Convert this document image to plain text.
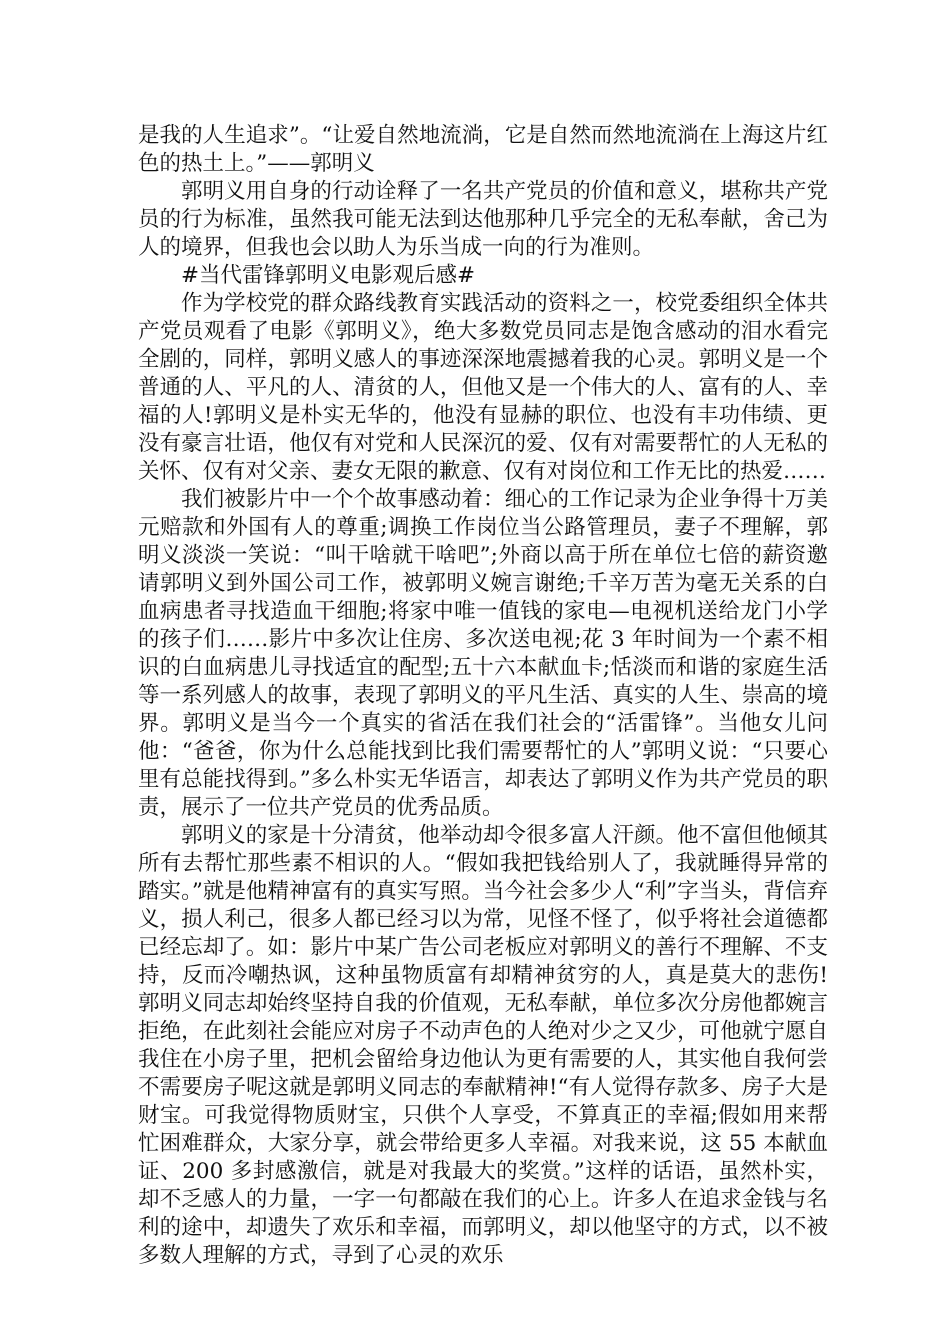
是我的人生追求”。“让爱自然地流淌，它是自然而然地流淌在上海这片红色的热土上。”——郭明义

郭明义用自身的行动诠释了一名共产党员的价值和意义，堪称共产党员的行为标准，虽然我可能无法到达他那种几乎完全的无私奉献，舍己为人的境界，但我也会以助人为乐当成一向的行为准则。

#当代雷锋郭明义电影观后感#

作为学校党的群众路线教育实践活动的资料之一，校党委组织全体共产党员观看了电影《郭明义》，绝大多数党员同志是饱含感动的泪水看完全剧的，同样，郭明义感人的事迹深深地震撼着我的心灵。郭明义是一个普通的人、平凡的人、清贫的人，但他又是一个伟大的人、富有的人、幸福的人!郭明义是朴实无华的，他没有显赫的职位、也没有丰功伟绩、更没有豪言壮语，他仅有对党和人民深沉的爱、仅有对需要帮忙的人无私的关怀、仅有对父亲、妻女无限的歉意、仅有对岗位和工作无比的热爱……

我们被影片中一个个故事感动着：细心的工作记录为企业争得十万美元赔款和外国有人的尊重;调换工作岗位当公路管理员，妻子不理解，郭明义淡淡一笑说：“叫干啥就干啥吧”;外商以高于所在单位七倍的薪资邀请郭明义到外国公司工作，被郭明义婉言谢绝;千辛万苦为毫无关系的白血病患者寻找造血干细胞;将家中唯一值钱的家电—电视机送给龙门小学的孩子们……影片中多次让住房、多次送电视;花 3 年时间为一个素不相识的白血病患儿寻找适宜的配型;五十六本献血卡;恬淡而和谐的家庭生活等一系列感人的故事，表现了郭明义的平凡生活、真实的人生、崇高的境界。郭明义是当今一个真实的省活在我们社会的“活雷锋”。当他女儿问他：“爸爸，你为什么总能找到比我们需要帮忙的人”郭明义说：“只要心里有总能找得到。”多么朴实无华语言，却表达了郭明义作为共产党员的职责，展示了一位共产党员的优秀品质。

郭明义的家是十分清贫，他举动却令很多富人汗颜。他不富但他倾其所有去帮忙那些素不相识的人。“假如我把钱给别人了，我就睡得异常的踏实。”就是他精神富有的真实写照。当今社会多少人“利”字当头，背信弃义，损人利己，很多人都已经习以为常，见怪不怪了，似乎将社会道德都已经忘却了。如：影片中某广告公司老板应对郭明义的善行不理解、不支持，反而冷嘲热讽，这种虽物质富有却精神贫穷的人，真是莫大的悲伤!郭明义同志却始终坚持自我的价值观，无私奉献，单位多次分房他都婉言拒绝，在此刻社会能应对房子不动声色的人绝对少之又少，可他就宁愿自我住在小房子里，把机会留给身边他认为更有需要的人，其实他自我何尝不需要房子呢这就是郭明义同志的奉献精神!“有人觉得存款多、房子大是财宝。可我觉得物质财宝，只供个人享受，不算真正的幸福;假如用来帮忙困难群众，大家分享，就会带给更多人幸福。对我来说，这 55 本献血证、200 多封感激信，就是对我最大的奖赏。”这样的话语，虽然朴实，却不乏感人的力量，一字一句都敲在我们的心上。许多人在追求金钱与名利的途中，却遗失了欢乐和幸福，而郭明义，却以他坚守的方式，以不被多数人理解的方式，寻到了心灵的欢乐
